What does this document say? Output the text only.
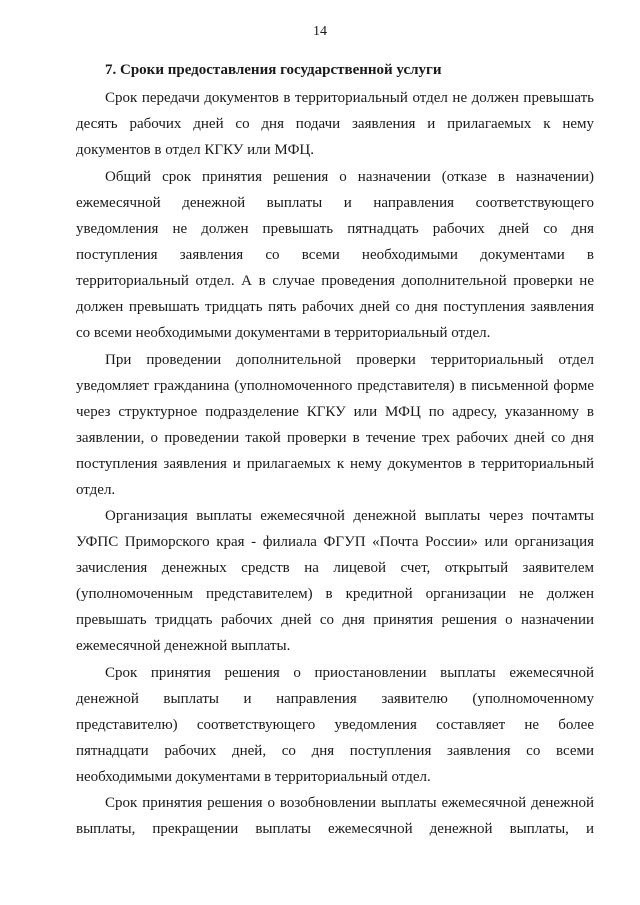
14
7. Сроки предоставления государственной услуги
Срок передачи документов в территориальный отдел не должен превышать
десять рабочих дней со дня подачи заявления и прилагаемых к нему
документов в отдел КГКУ или МФЦ.
Общий срок принятия решения о назначении (отказе в назначении)
ежемесячной денежной выплаты и направления соответствующего
уведомления не должен превышать пятнадцать рабочих дней со дня
поступления заявления со всеми необходимыми документами в
территориальный отдел. А в случае проведения дополнительной проверки не
должен превышать тридцать пять рабочих дней со дня поступления заявления
со всеми необходимыми документами в территориальный отдел.
При проведении дополнительной проверки территориальный отдел
уведомляет гражданина (уполномоченного представителя) в письменной форме
через структурное подразделение КГКУ или МФЦ по адресу, указанному в
заявлении, о проведении такой проверки в течение трех рабочих дней со дня
поступления заявления и прилагаемых к нему документов в территориальный
отдел.
Организация выплаты ежемесячной денежной выплаты через почтамты
УФПС Приморского края - филиала ФГУП «Почта России» или организация
зачисления денежных средств на лицевой счет, открытый заявителем
(уполномоченным представителем) в кредитной организации не должен
превышать тридцать рабочих дней со дня принятия решения о назначении
ежемесячной денежной выплаты.
Срок принятия решения о приостановлении выплаты ежемесячной
денежной выплаты и направления заявителю (уполномоченному
представителю) соответствующего уведомления составляет не более
пятнадцати рабочих дней, со дня поступления заявления со всеми
необходимыми документами в территориальный отдел.
Срок принятия решения о возобновлении выплаты ежемесячной денежной
выплаты, прекращении выплаты ежемесячной денежной выплаты, и
